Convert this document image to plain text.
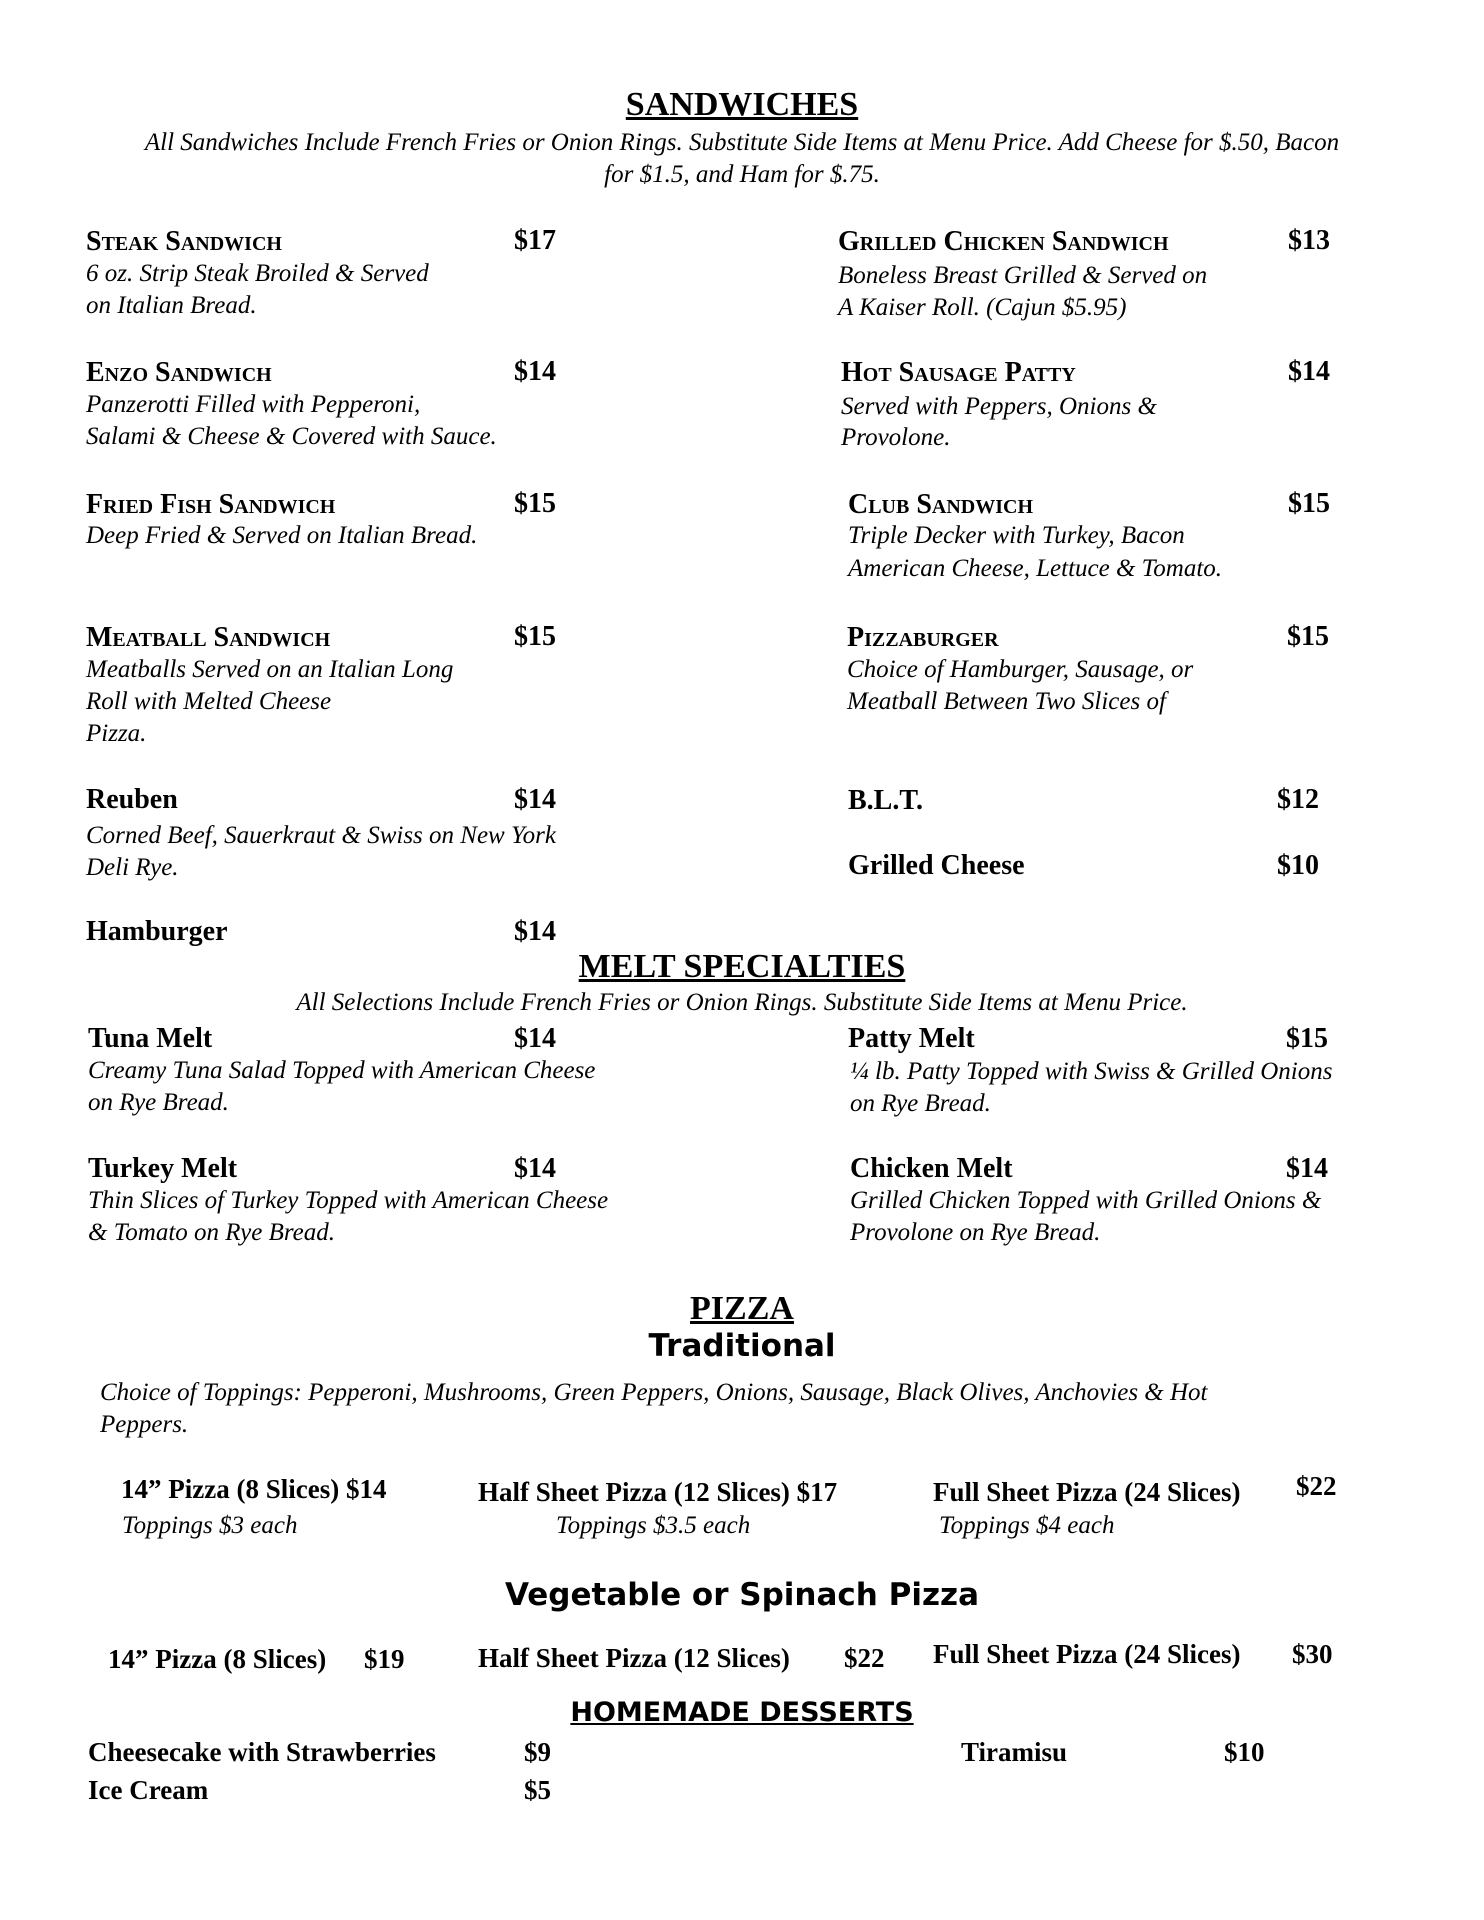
SANDWICHES
All Sandwiches Include French Fries or Onion Rings. Substitute Side Items at Menu Price. Add Cheese for $.50, Bacon
for $1.5, and Ham for $.75.
Steak Sandwich	$17
6 oz. Strip Steak Broiled & Served
on Italian Bread.
Grilled Chicken Sandwich	$13
Boneless Breast Grilled & Served on
A Kaiser Roll. (Cajun $5.95)
Enzo Sandwich	$14
Panzerotti Filled with Pepperoni,
Salami & Cheese & Covered with Sauce.
Hot Sausage Patty	$14
Served with Peppers, Onions &
Provolone.
Fried Fish Sandwich	$15
Deep Fried & Served on Italian Bread.
Club Sandwich	$15
Triple Decker with Turkey, Bacon
American Cheese, Lettuce & Tomato.
Meatball Sandwich	$15
Meatballs Served on an Italian Long
Roll with Melted Cheese
Pizza.
Pizzaburger	$15
Choice of Hamburger, Sausage, or
Meatball Between Two Slices of
Reuben	$14
Corned Beef, Sauerkraut & Swiss on New York
Deli Rye.
B.L.T.	$12
Grilled Cheese	$10
Hamburger	$14
MELT SPECIALTIES
All Selections Include French Fries or Onion Rings. Substitute Side Items at Menu Price.
Tuna Melt	$14
Creamy Tuna Salad Topped with American Cheese
on Rye Bread.
Patty Melt	$15
¼ lb. Patty Topped with Swiss & Grilled Onions
on Rye Bread.
Turkey Melt	$14
Thin Slices of Turkey Topped with American Cheese
& Tomato on Rye Bread.
Chicken Melt	$14
Grilled Chicken Topped with Grilled Onions &
Provolone on Rye Bread.
PIZZA
Traditional
Choice of Toppings: Pepperoni, Mushrooms, Green Peppers, Onions, Sausage, Black Olives, Anchovies & Hot
Peppers.
14” Pizza (8 Slices) $14
Toppings $3 each
Half Sheet Pizza (12 Slices) $17
Toppings $3.5 each
Full Sheet Pizza (24 Slices) $22
Toppings $4 each
Vegetable or Spinach Pizza
14” Pizza (8 Slices) $19	Half Sheet Pizza (12 Slices) $22 Full Sheet Pizza (24 Slices) $30
HOMEMADE DESSERTS
Cheesecake with Strawberries	$9	Tiramisu	$10
Ice Cream	$5
